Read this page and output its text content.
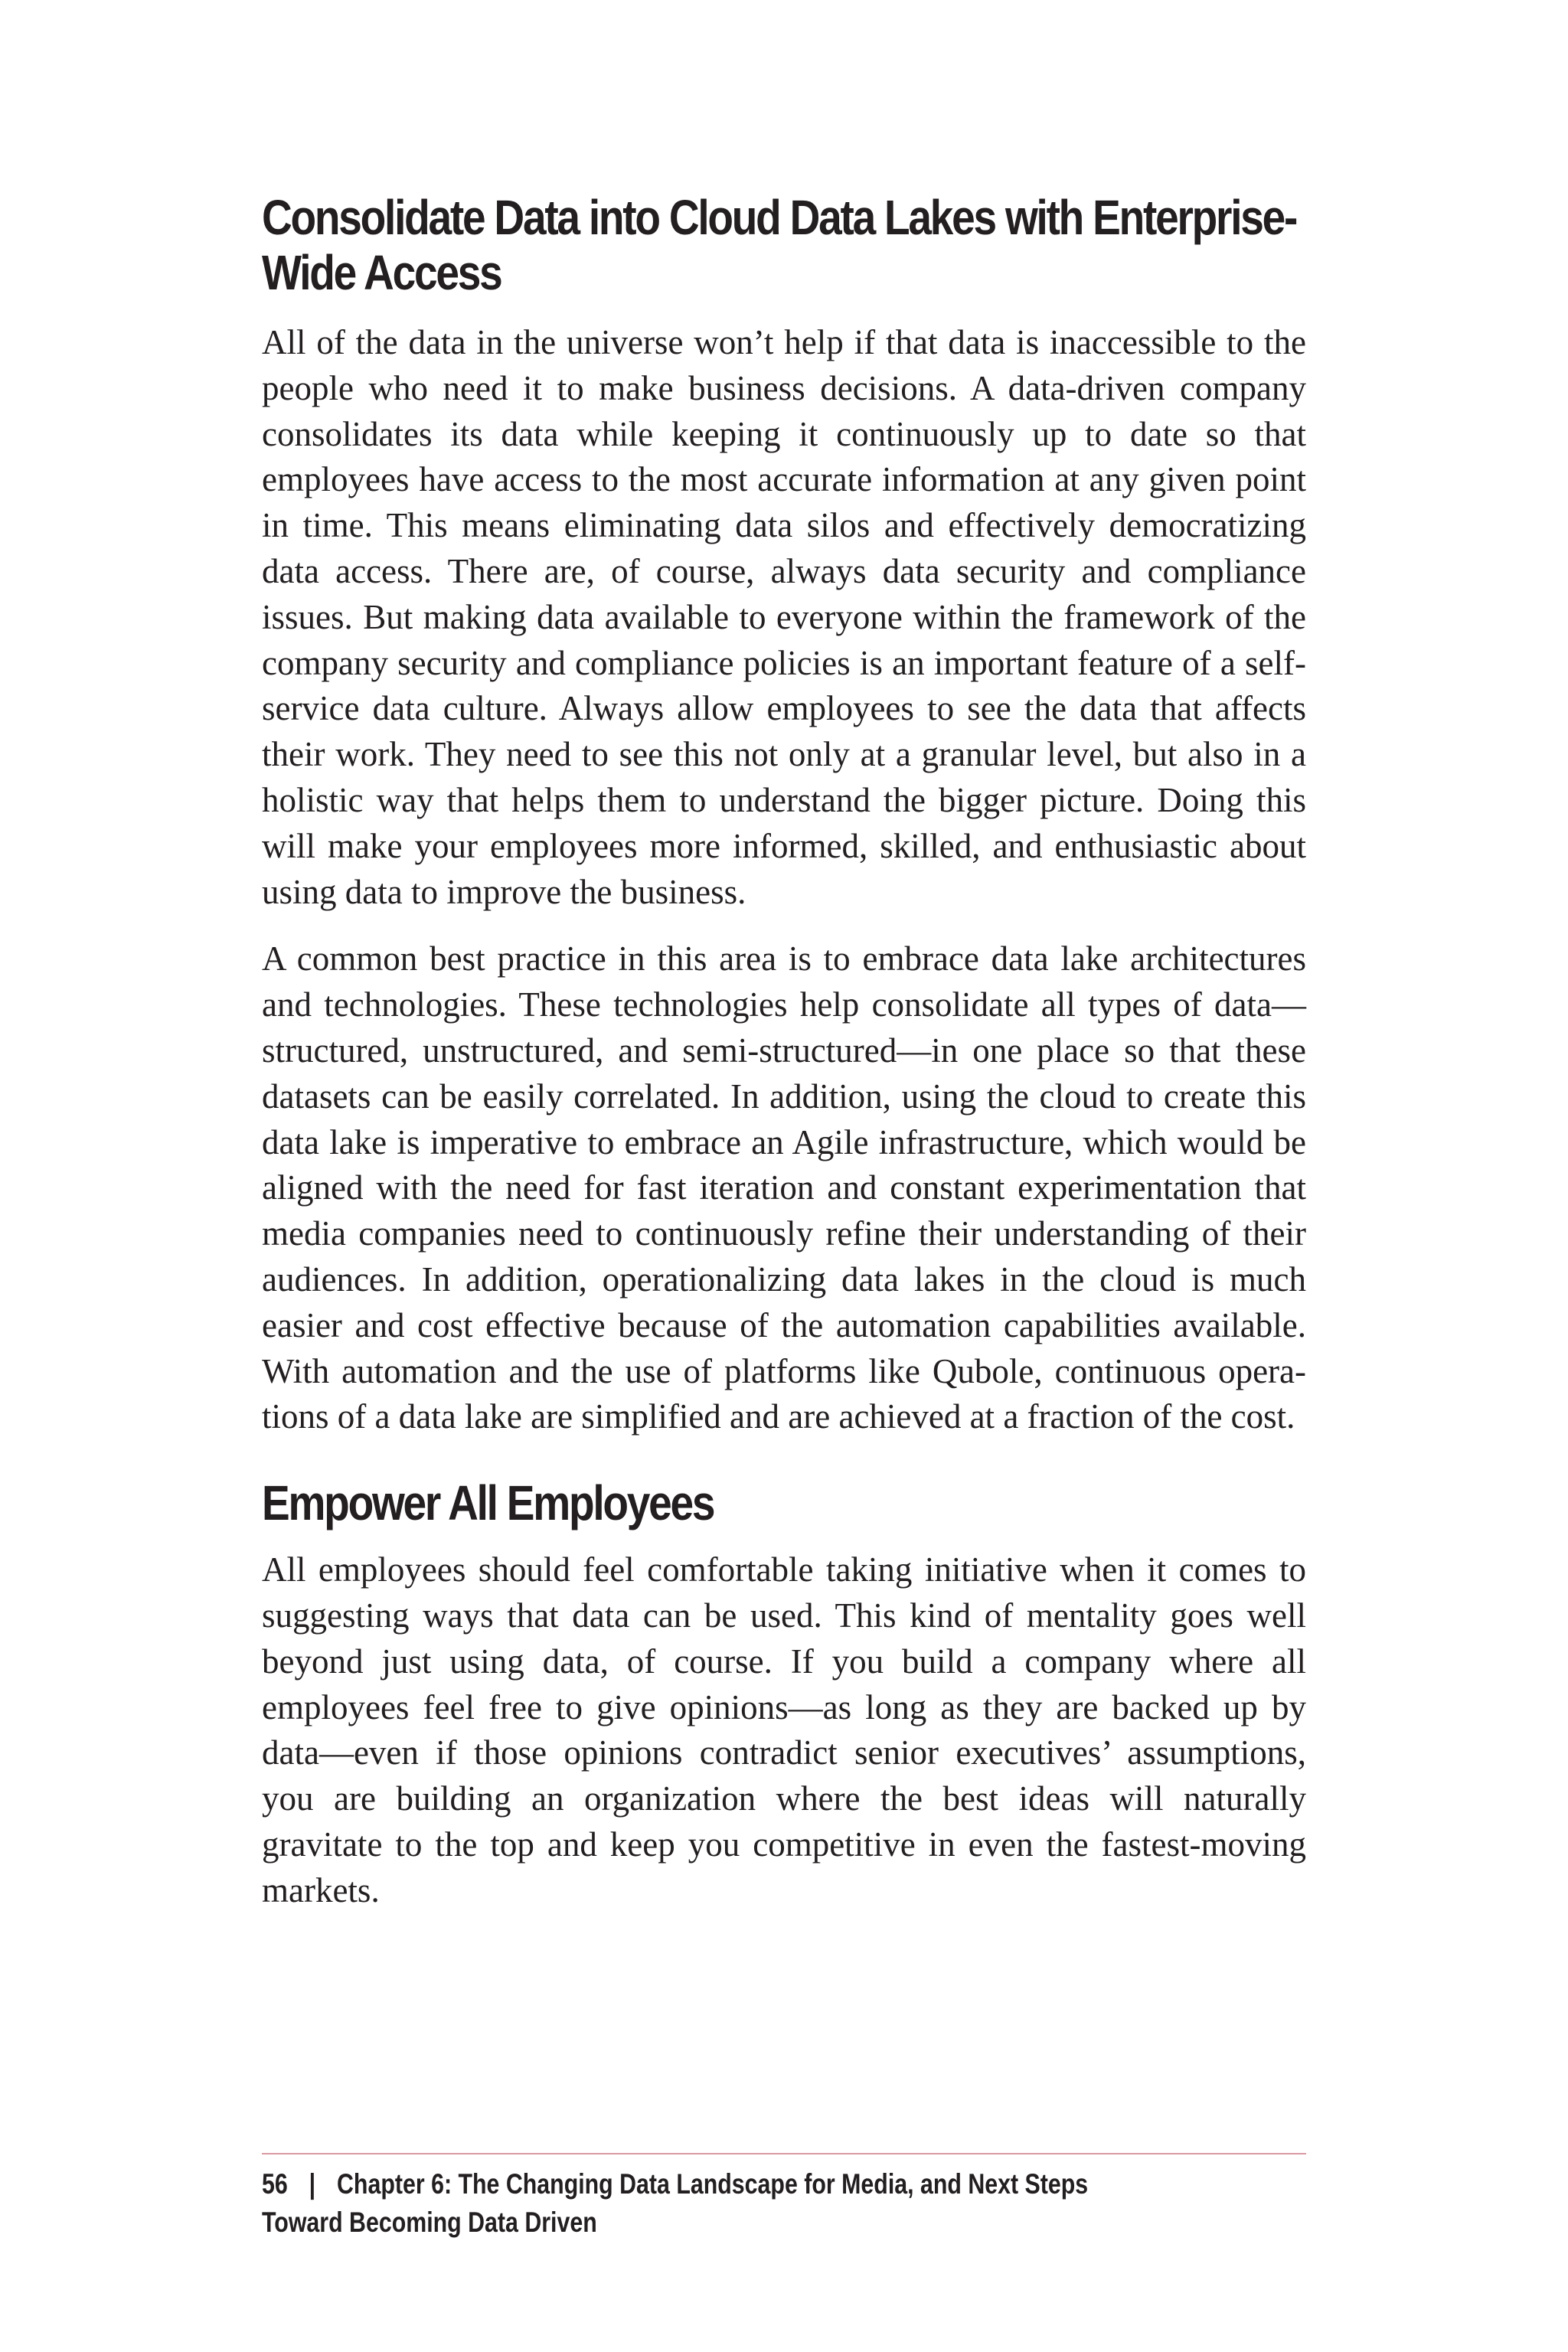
Consolidate Data into Cloud Data Lakes with Enterprise-Wide Access

All of the data in the universe won’t help if that data is inaccessible to the people who need it to make business decisions. A data-driven company consolidates its data while keeping it continuously up to date so that employees have access to the most accurate information at any given point in time. This means eliminating data silos and effectively democratizing data access. There are, of course, always data security and compliance issues. But making data available to everyone within the framework of the company security and compliance policies is an important feature of a self-service data culture. Always allow employees to see the data that affects their work. They need to see this not only at a granular level, but also in a holistic way that helps them to understand the bigger picture. Doing this will make your employees more informed, skilled, and enthusiastic about using data to improve the business.

A common best practice in this area is to embrace data lake architectures and technologies. These technologies help consolidate all types of data—structured, unstructured, and semi-structured—in one place so that these datasets can be easily correlated. In addition, using the cloud to create this data lake is imperative to embrace an Agile infrastructure, which would be aligned with the need for fast iteration and constant experimentation that media companies need to continuously refine their understanding of their audiences. In addition, operationalizing data lakes in the cloud is much easier and cost effective because of the automation capabilities available. With automation and the use of platforms like Qubole, continuous operations of a data lake are simplified and are achieved at a fraction of the cost.

Empower All Employees

All employees should feel comfortable taking initiative when it comes to suggesting ways that data can be used. This kind of mentality goes well beyond just using data, of course. If you build a company where all employees feel free to give opinions—as long as they are backed up by data—even if those opinions contradict senior executives’ assumptions, you are building an organization where the best ideas will naturally gravitate to the top and keep you competitive in even the fastest-moving markets.

56 | Chapter 6: The Changing Data Landscape for Media, and Next Steps Toward Becoming Data Driven
